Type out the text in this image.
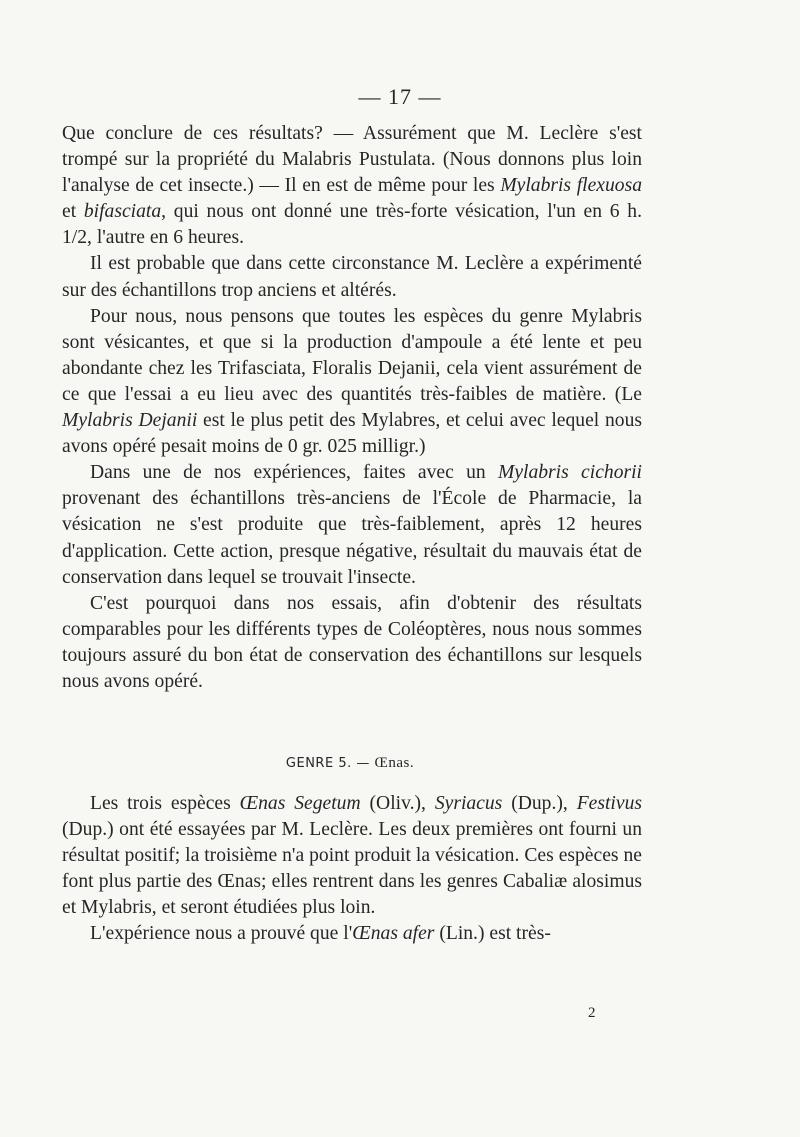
— 17 —

Que conclure de ces résultats? — Assurément que M. Leclère s'est trompé sur la propriété du Malabris Pustulata. (Nous donnons plus loin l'analyse de cet insecte.) — Il en est de même pour les Mylabris flexuosa et bifasciata, qui nous ont donné une très-forte vésication, l'un en 6 h. 1/2, l'autre en 6 heures.

Il est probable que dans cette circonstance M. Leclère a expérimenté sur des échantillons trop anciens et altérés.

Pour nous, nous pensons que toutes les espèces du genre Mylabris sont vésicantes, et que si la production d'ampoule a été lente et peu abondante chez les Trifasciata, Floralis Dejanii, cela vient assurément de ce que l'essai a eu lieu avec des quantités très-faibles de matière. (Le Mylabris Dejanii est le plus petit des Mylabres, et celui avec lequel nous avons opéré pesait moins de 0 gr. 025 milligr.)

Dans une de nos expériences, faites avec un Mylabris cichorii provenant des échantillons très-anciens de l'École de Pharmacie, la vésication ne s'est produite que très-faiblement, après 12 heures d'application. Cette action, presque négative, résultait du mauvais état de conservation dans lequel se trouvait l'insecte.

C'est pourquoi dans nos essais, afin d'obtenir des résultats comparables pour les différents types de Coléoptères, nous nous sommes toujours assuré du bon état de conservation des échantillons sur lesquels nous avons opéré.

GENRE 5. — Œnas.

Les trois espèces Œnas Segetum (Oliv.), Syriacus (Dup.), Festivus (Dup.) ont été essayées par M. Leclère. Les deux premières ont fourni un résultat positif; la troisième n'a point produit la vésication. Ces espèces ne font plus partie des Œnas; elles rentrent dans les genres Cabaliæ alosimus et Mylabris, et seront étudiées plus loin.

L'expérience nous a prouvé que l'Œnas afer (Lin.) est très-

2
